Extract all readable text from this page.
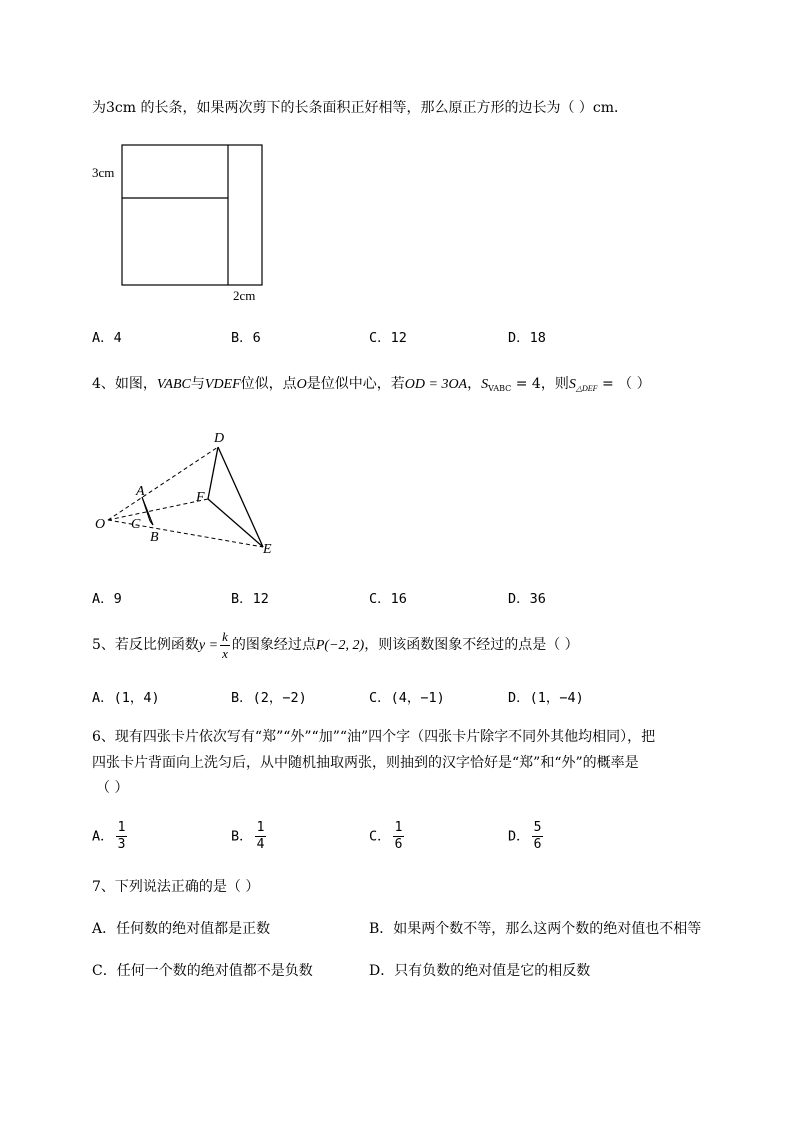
为3cm 的长条，如果两次剪下的长条面积正好相等，那么原正方形的边长为（ ）cm．
3cm
2cm
A．4	B．6	C．12	D．18
4、如图，VABC与VDEF位似，点O是位似中心，若OD = 3OA，$S_{VABC} = 4$，则$S_{\triangle DEF}$ = （ ）
D
A	F
O C
B
E
A．9	B．12	C．16	D．36
5、若反比例函数$y = \frac{k}{x}$ 的图象经过点P(−2, 2)，则该函数图象不经过的点是（ ）
A．(1，4)	B．(2，−2)	C．(4，−1)	D．(1，−4)
6、现有四张卡片依次写有“郑”“外”“加”“油”四个字（四张卡片除字不同外其他均相同），把
四张卡片背面向上洗匀后，从中随机抽取两张，则抽到的汉字恰好是“郑”和“外”的概率是
（ ）
A． $\frac{1}{3}$	B． $\frac{1}{4}$	C． $\frac{1}{6}$	D． $\frac{5}{6}$
7、下列说法正确的是（ ）
A．任何数的绝对值都是正数	B．如果两个数不等，那么这两个数的绝对值也不相等
C．任何一个数的绝对值都不是负数	D．只有负数的绝对值是它的相反数
